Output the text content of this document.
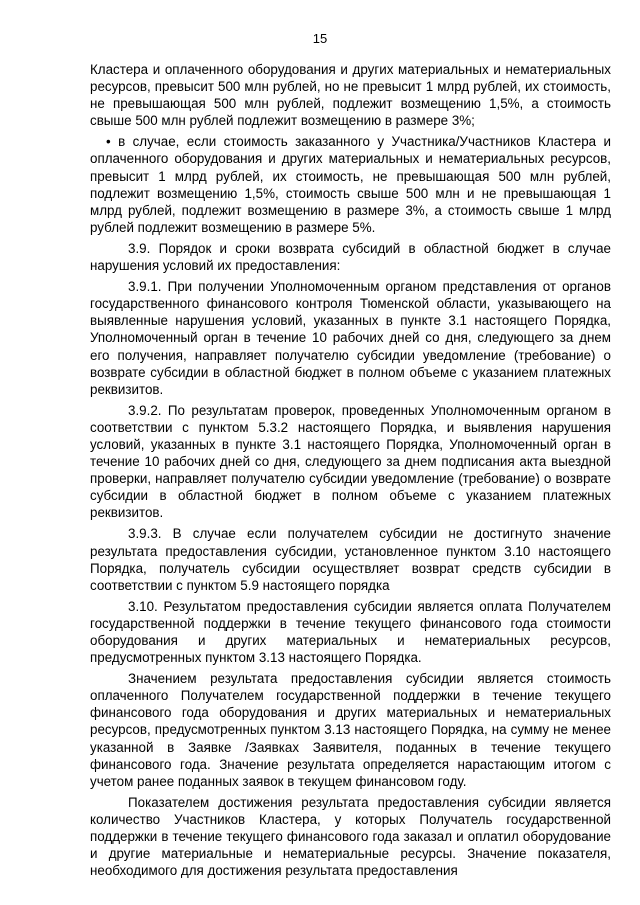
15

Кластера и оплаченного оборудования и других материальных и нематериальных ресурсов, превысит 500 млн рублей, но не превысит 1 млрд рублей, их стоимость, не превышающая 500 млн рублей, подлежит возмещению 1,5%, а стоимость свыше 500 млн рублей подлежит возмещению в размере 3%;

• в случае, если стоимость заказанного у Участника/Участников Кластера и оплаченного оборудования и других материальных и нематериальных ресурсов, превысит 1 млрд рублей, их стоимость, не превышающая 500 млн рублей, подлежит возмещению 1,5%, стоимость свыше 500 млн и не превышающая 1 млрд рублей, подлежит возмещению в размере 3%, а стоимость свыше 1 млрд рублей подлежит возмещению в размере 5%.

3.9. Порядок и сроки возврата субсидий в областной бюджет в случае нарушения условий их предоставления:

3.9.1. При получении Уполномоченным органом представления от органов государственного финансового контроля Тюменской области, указывающего на выявленные нарушения условий, указанных в пункте 3.1 настоящего Порядка, Уполномоченный орган в течение 10 рабочих дней со дня, следующего за днем его получения, направляет получателю субсидии уведомление (требование) о возврате субсидии в областной бюджет в полном объеме с указанием платежных реквизитов.

3.9.2. По результатам проверок, проведенных Уполномоченным органом в соответствии с пунктом 5.3.2 настоящего Порядка, и выявления нарушения условий, указанных в пункте 3.1 настоящего Порядка, Уполномоченный орган в течение 10 рабочих дней со дня, следующего за днем подписания акта выездной проверки, направляет получателю субсидии уведомление (требование) о возврате субсидии в областной бюджет в полном объеме с указанием платежных реквизитов.

3.9.3. В случае если получателем субсидии не достигнуто значение результата предоставления субсидии, установленное пунктом 3.10 настоящего Порядка, получатель субсидии осуществляет возврат средств субсидии в соответствии с пунктом 5.9 настоящего порядка

3.10. Результатом предоставления субсидии является оплата Получателем государственной поддержки в течение текущего финансового года стоимости оборудования и других материальных и нематериальных ресурсов, предусмотренных пунктом 3.13 настоящего Порядка.

Значением результата предоставления субсидии является стоимость оплаченного Получателем государственной поддержки в течение текущего финансового года оборудования и других материальных и нематериальных ресурсов, предусмотренных пунктом 3.13 настоящего Порядка, на сумму не менее указанной в Заявке /Заявках Заявителя, поданных в течение текущего финансового года. Значение результата определяется нарастающим итогом с учетом ранее поданных заявок в текущем финансовом году.

Показателем достижения результата предоставления субсидии является количество Участников Кластера, у которых Получатель государственной поддержки в течение текущего финансового года заказал и оплатил оборудование и другие материальные и нематериальные ресурсы. Значение показателя, необходимого для достижения результата предоставления
